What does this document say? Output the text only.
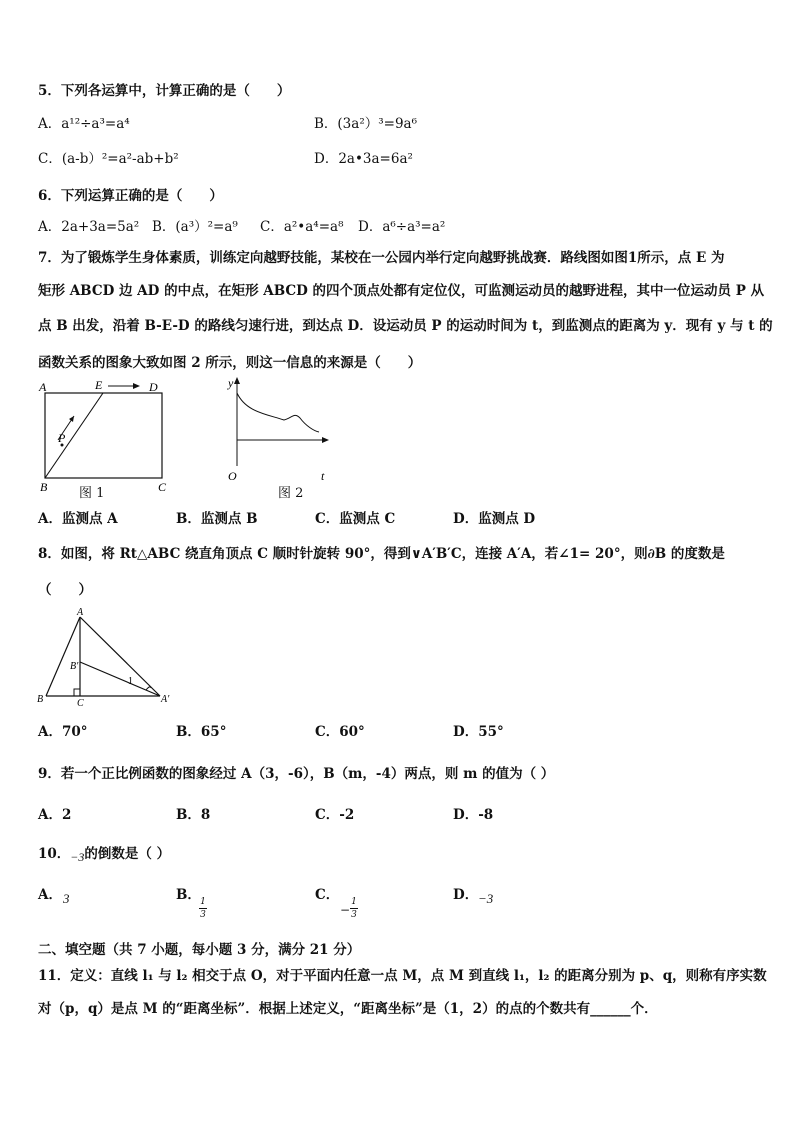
5．下列各运算中，计算正确的是（　　）
A．a¹²÷a³=a⁴	B．(3a²）³=9a⁶
C．(a-b）²=a²-ab+b²	D．2a•3a=6a²
6．下列运算正确的是（　　）
A．2a+3a=5a² B．(a³）²=a⁹ C．a²•a⁴=a⁸ D．a⁶÷a³=a²
7．为了锻炼学生身体素质，训练定向越野技能，某校在一公园内举行定向越野挑战赛．路线图如图1所示，点 E 为
矩形 ABCD 边 AD 的中点，在矩形 ABCD 的四个顶点处都有定位仪，可监测运动员的越野进程，其中一位运动员 P 从
点 B 出发，沿着 B-E-D 的路线匀速行进，到达点 D．设运动员 P 的运动时间为 t，到监测点的距离为 y．现有 y 与 t 的
函数关系的图象大致如图 2 所示，则这一信息的来源是（　　）
A	E	D
P
B	C
图 1
y
O	t
图 2
A．监测点 A	B．监测点 B	C．监测点 C	D．监测点 D
8．如图，将 Rt△ABC 绕直角顶点 C 顺时针旋转 90°，得到∨A′B′C，连接 A′A，若∠1= 20°，则∂B 的度数是
（　　）
A
B′
B	C	A′
1
A．70°	B．65°	C．60°	D．55°
9．若一个正比例函数的图象经过 A（3，-6），B（m，-4）两点，则 m 的值为（ ）
A．2	B．8	C．-2	D．-8
10．−3的倒数是（ ）
A． 3	B． 1
3
C．
−
1
3
D． −3
二、填空题（共 7 小题，每小题 3 分，满分 21 分）
11．定义：直线 l₁ 与 l₂ 相交于点 O，对于平面内任意一点 M，点 M 到直线 l₁，l₂ 的距离分别为 p、q，则称有序实数
对（p，q）是点 M 的“距离坐标”．根据上述定义，“距离坐标”是（1，2）的点的个数共有______个．
